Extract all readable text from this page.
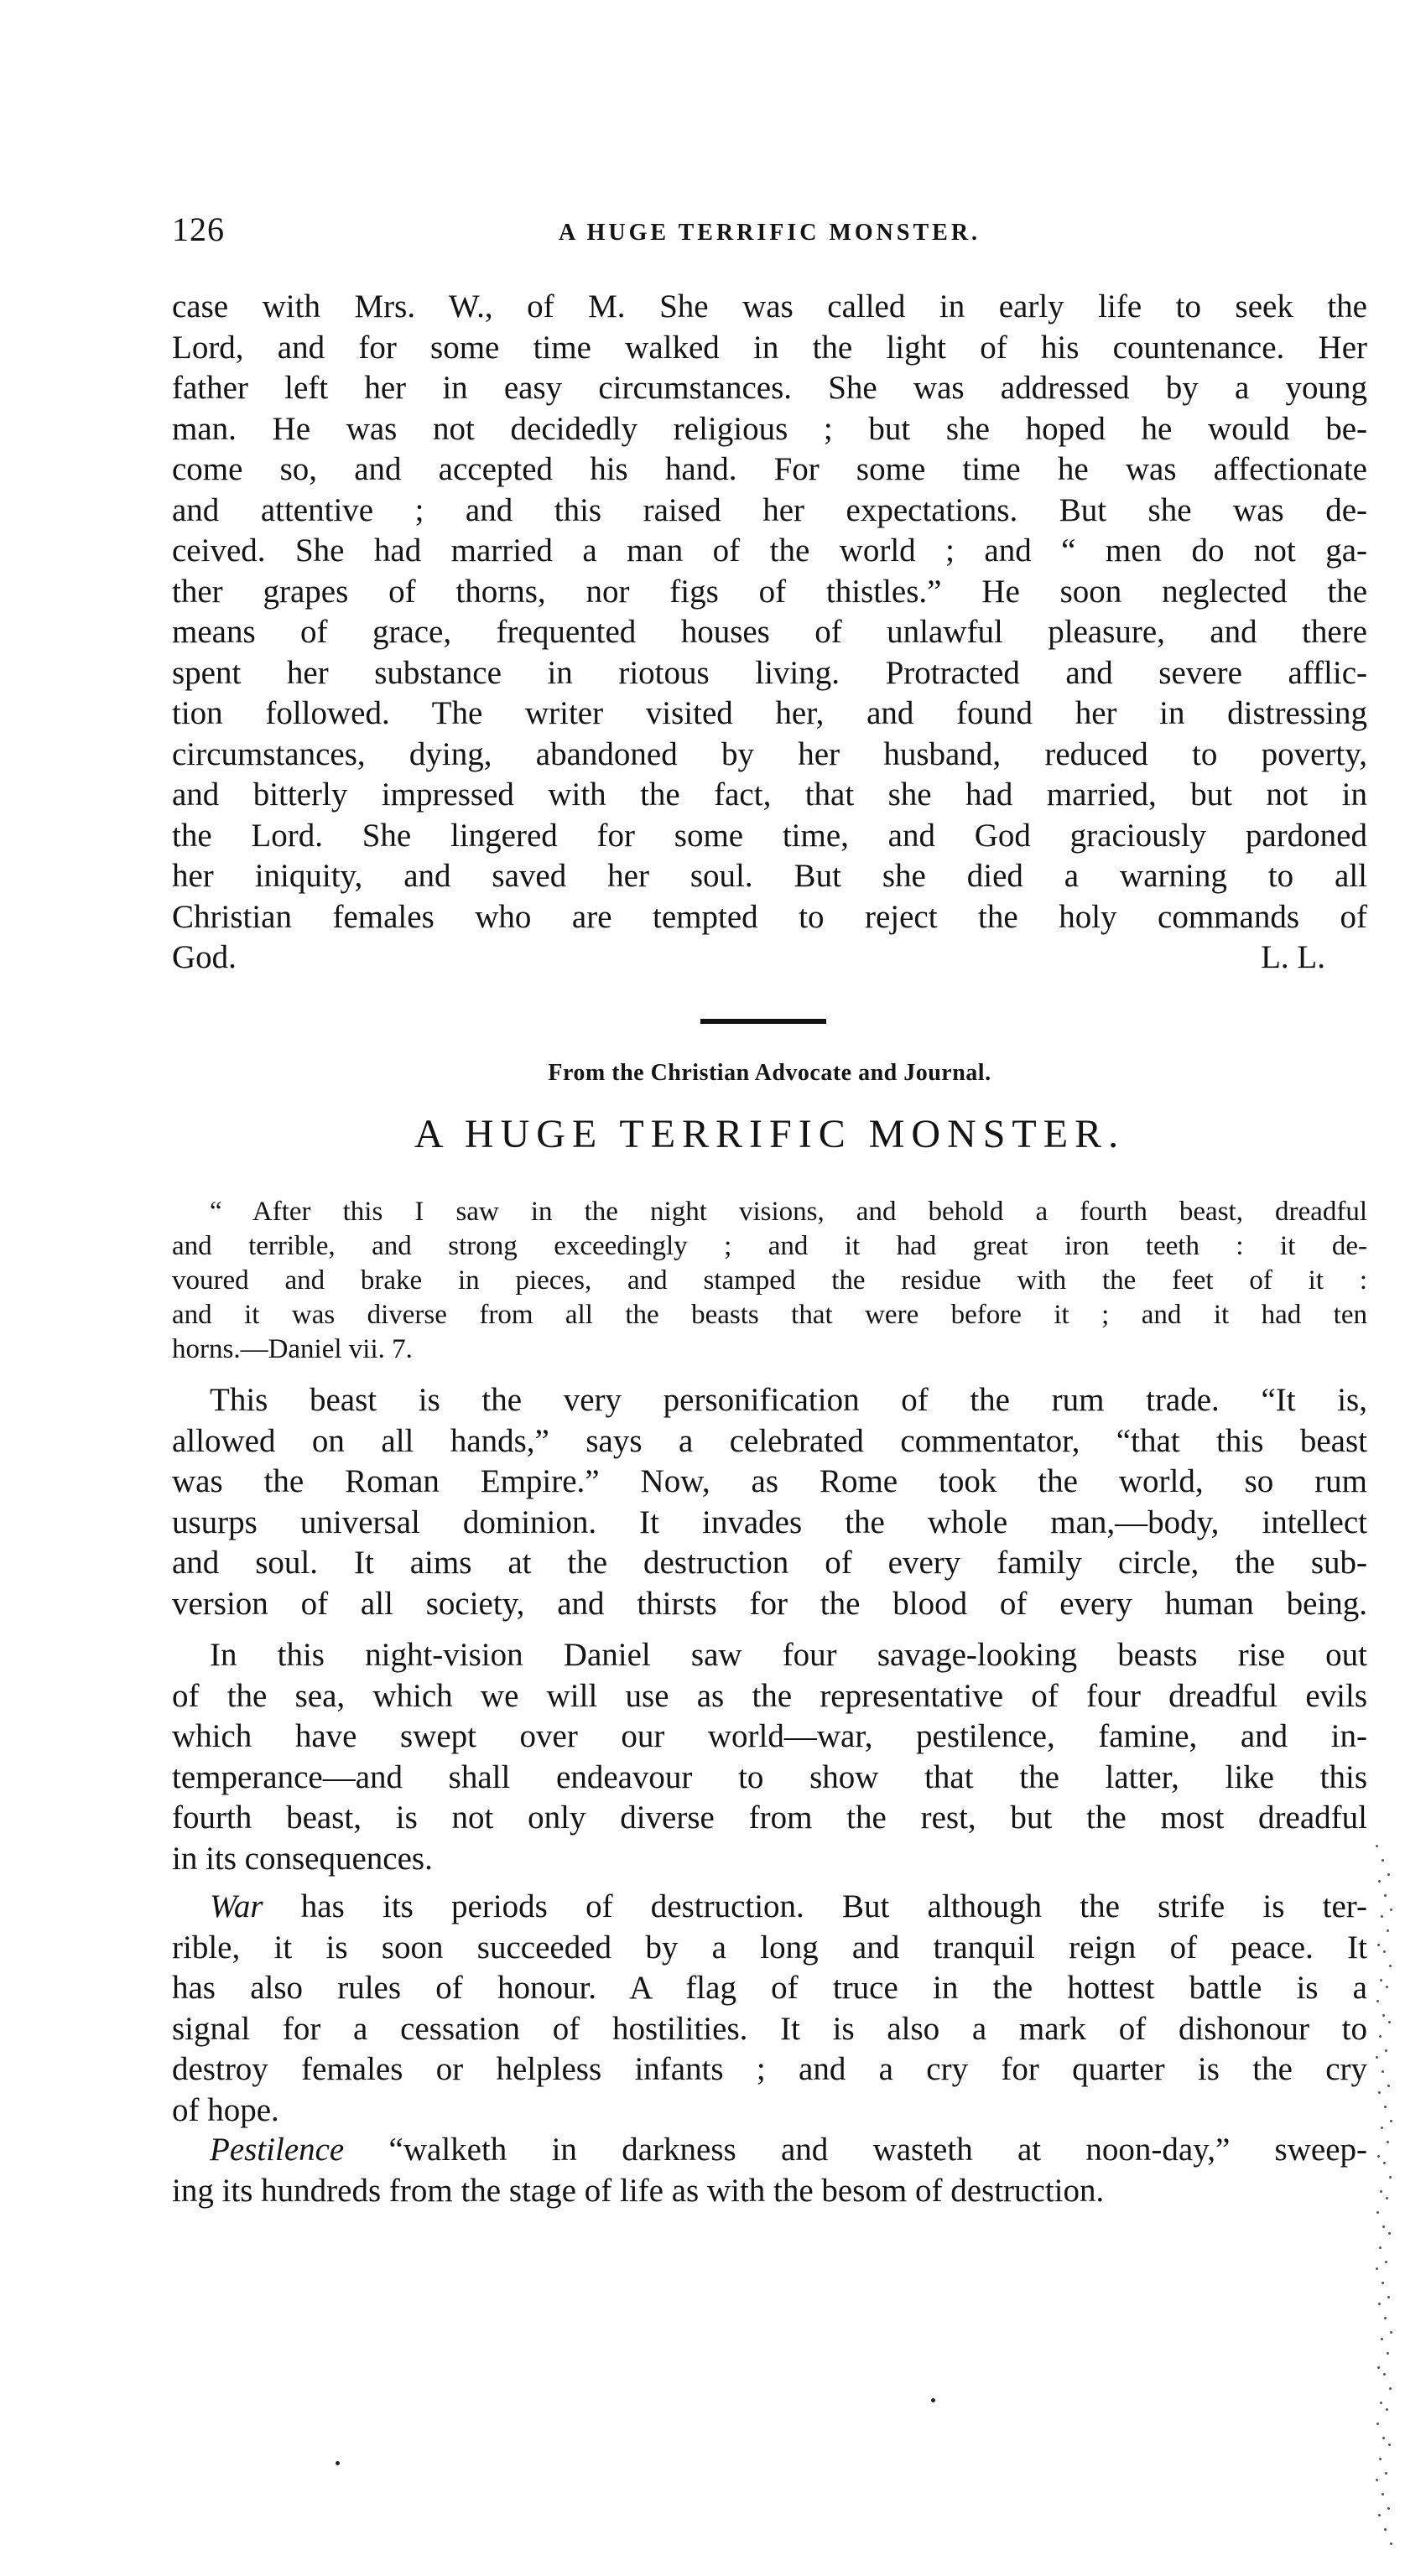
126	A HUGE TERRIFIC MONSTER.
case with Mrs. W., of M. She was called in early life to seek the
Lord, and for some time walked in the light of his countenance. Her
father left her in easy circumstances. She was addressed by a young
man. He was not decidedly religious ; but she hoped he would be-
come so, and accepted his hand. For some time he was affectionate
and attentive ; and this raised her expectations. But she was de-
ceived. She had married a man of the world ; and “ men do not ga-
ther grapes of thorns, nor figs of thistles.” He soon neglected the
means of grace, frequented houses of unlawful pleasure, and there
spent her substance in riotous living. Protracted and severe afflic-
tion followed. The writer visited her, and found her in distressing
circumstances, dying, abandoned by her husband, reduced to poverty,
and bitterly impressed with the fact, that she had married, but not in
the Lord. She lingered for some time, and God graciously pardoned
her iniquity, and saved her soul. But she died a warning to all
Christian females who are tempted to reject the holy commands of
God.	L. L.
From the Christian Advocate and Journal.
A HUGE TERRIFIC MONSTER.
“ After this I saw in the night visions, and behold a fourth beast, dreadful
and terrible, and strong exceedingly ; and it had great iron teeth : it de-
voured and brake in pieces, and stamped the residue with the feet of it :
and it was diverse from all the beasts that were before it ; and it had ten
horns.—Daniel vii. 7.
This beast is the very personification of the rum trade. “It is,
allowed on all hands,” says a celebrated commentator, “that this beast
was the Roman Empire.” Now, as Rome took the world, so rum
usurps universal dominion. It invades the whole man,—body, intellect
and soul. It aims at the destruction of every family circle, the sub-
version of all society, and thirsts for the blood of every human being.
In this night-vision Daniel saw four savage-looking beasts rise out
of the sea, which we will use as the representative of four dreadful evils
which have swept over our world—war, pestilence, famine, and in-
temperance—and shall endeavour to show that the latter, like this
fourth beast, is not only diverse from the rest, but the most dreadful
in its consequences.
War has its periods of destruction. But although the strife is ter-
rible, it is soon succeeded by a long and tranquil reign of peace. It
has also rules of honour. A flag of truce in the hottest battle is a
signal for a cessation of hostilities. It is also a mark of dishonour to
destroy females or helpless infants ; and a cry for quarter is the cry
of hope.
Pestilence “walketh in darkness and wasteth at noon-day,” sweep-
ing its hundreds from the stage of life as with the besom of destruction.
